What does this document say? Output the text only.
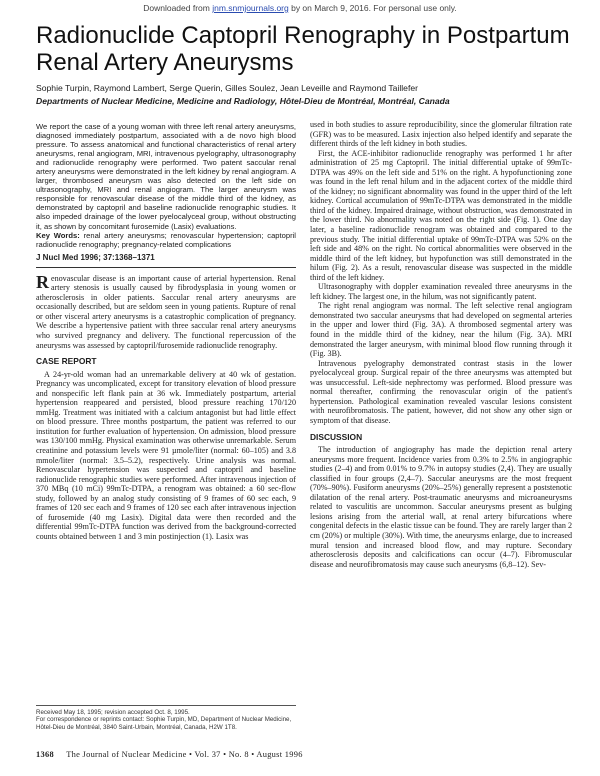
Downloaded from jnm.snmjournals.org by on March 9, 2016. For personal use only.
Radionuclide Captopril Renography in Postpartum Renal Artery Aneurysms
Sophie Turpin, Raymond Lambert, Serge Querin, Gilles Soulez, Jean Leveille and Raymond Taillefer
Departments of Nuclear Medicine, Medicine and Radiology, Hôtel-Dieu de Montréal, Montréal, Canada

We report the case of a young woman with three left renal artery aneurysms, diagnosed immediately postpartum, associated with a de novo high blood pressure. To assess anatomical and functional characteristics of renal artery aneurysms, renal angiogram, MRI, intravenous pyelography, ultrasonography and radionuclide renography were performed. Two patent saccular renal artery aneurysms were demonstrated in the left kidney by renal angiogram. A larger, thrombosed aneurysm was also detected on the left side on ultrasonography, MRI and renal angiogram. The larger aneurysm was responsible for renovascular disease of the middle third of the kidney, as demonstrated by captopril and baseline radionuclide renographic studies. It also impeded drainage of the lower pyelocalyceal group, without obstructing it, as shown by concomitant furosemide (Lasix) evaluations.

Key Words: renal artery aneurysms; renovascular hypertension; captopril radionuclide renography; pregnancy-related complications

J Nucl Med 1996; 37:1368–1371

Renovascular disease is an important cause of arterial hypertension. Renal artery stenosis is usually caused by fibrodysplasia in young women or atherosclerosis in older patients. Saccular renal artery aneurysms are occasionally described, but are seldom seen in young patients. Rupture of renal or other visceral artery aneurysms is a catastrophic complication of pregnancy. We describe a hypertensive patient with three saccular renal artery aneurysms who survived pregnancy and delivery. The functional repercussion of the aneurysms was assessed by captopril/furosemide radionuclide renography.

CASE REPORT

A 24-yr-old woman had an unremarkable delivery at 40 wk of gestation. Pregnancy was uncomplicated, except for transitory elevation of blood pressure and nonspecific left flank pain at 36 wk. Immediately postpartum, arterial hypertension reappeared and persisted, blood pressure reaching 170/120 mmHg. Treatment was initiated with a calcium antagonist but had little effect on blood pressure. Three months postpartum, the patient was referred to our institution for further evaluation of hypertension. On admission, blood pressure was 130/100 mmHg. Physical examination was otherwise unremarkable. Serum creatinine and potassium levels were 91 µmole/liter (normal: 60–105) and 3.8 mmole/liter (normal: 3.5–5.2), respectively. Urine analysis was normal. Renovascular hypertension was suspected and captopril and baseline radionuclide renographic studies were performed. After intravenous injection of 370 MBq (10 mCi) 99mTc-DTPA, a renogram was obtained: a 60 sec-flow study, followed by an analog study consisting of 9 frames of 60 sec each, 9 frames of 120 sec each and 9 frames of 120 sec each after intravenous injection of furosemide (40 mg Lasix). Digital data were then recorded and the differential 99mTc-DTPA function was derived from the background-corrected counts obtained between 1 and 3 min postinjection (1). Lasix was

Received May 18, 1995; revision accepted Oct. 8, 1995.

For correspondence or reprints contact: Sophie Turpin, MD, Department of Nuclear Medicine, Hôtel-Dieu de Montréal, 3840 Saint-Urbain, Montréal, Canada, H2W 1T8.

used in both studies to assure reproducibility, since the glomerular filtration rate (GFR) was to be measured. Lasix injection also helped identify and separate the different thirds of the left kidney in both studies.

First, the ACE-inhibitor radionuclide renography was performed 1 hr after administration of 25 mg Captopril. The initial differential uptake of 99mTc-DTPA was 49% on the left side and 51% on the right. A hypofunctioning zone was found in the left renal hilum and in the adjacent cortex of the middle third of the kidney; no significant abnormality was found in the upper third of the left kidney. Cortical accumulation of 99mTc-DTPA was demonstrated in the middle third of the kidney. Impaired drainage, without obstruction, was demonstrated in the lower third. No abnormality was noted on the right side (Fig. 1). One day later, a baseline radionuclide renogram was obtained and compared to the previous study. The initial differential uptake of 99mTc-DTPA was 52% on the left side and 48% on the right. No cortical abnormalities were observed in the middle third of the left kidney, but hypofunction was still demonstrated in the hilum (Fig. 2). As a result, renovascular disease was suspected in the middle third of the left kidney.

Ultrasonography with doppler examination revealed three aneurysms in the left kidney. The largest one, in the hilum, was not significantly patent.

The right renal angiogram was normal. The left selective renal angiogram demonstrated two saccular aneurysms that had developed on segmental arteries in the upper and lower third (Fig. 3A). A thrombosed segmental artery was found in the middle third of the kidney, near the hilum (Fig. 3A). MRI demonstrated the larger aneurysm, with minimal blood flow running through it (Fig. 3B).

Intravenous pyelography demonstrated contrast stasis in the lower pyelocalyceal group. Surgical repair of the three aneurysms was attempted but was unsuccessful. Left-side nephrectomy was performed. Blood pressure was normal thereafter, confirming the renovascular origin of the patient's hypertension. Pathological examination revealed vascular lesions consistent with neurofibromatosis. The patient, however, did not show any other sign or symptom of that disease.

DISCUSSION

The introduction of angiography has made the depiction renal artery aneurysms more frequent. Incidence varies from 0.3% to 2.5% in angiographic studies (2–4) and from 0.01% to 9.7% in autopsy studies (2,4). They are usually classified in four groups (2,4–7). Saccular aneurysms are the most frequent (70%–90%). Fusiform aneurysms (20%–25%) generally represent a poststenotic dilatation of the renal artery. Post-traumatic aneurysms and microaneurysms related to vasculitis are uncommon. Saccular aneurysms present as bulging lesions arising from the arterial wall, at renal artery bifurcations where congenital defects in the elastic tissue can be found. They are rarely larger than 2 cm (20%) or multiple (30%). With time, the aneurysms enlarge, due to increased mural tension and increased blood flow, and may rupture. Secondary atherosclerosis deposits and calcifications can occur (4–7). Fibromuscular disease and neurofibromatosis may cause such aneurysms (6,8–12). Sev-

1368 The Journal of Nuclear Medicine • Vol. 37 • No. 8 • August 1996
